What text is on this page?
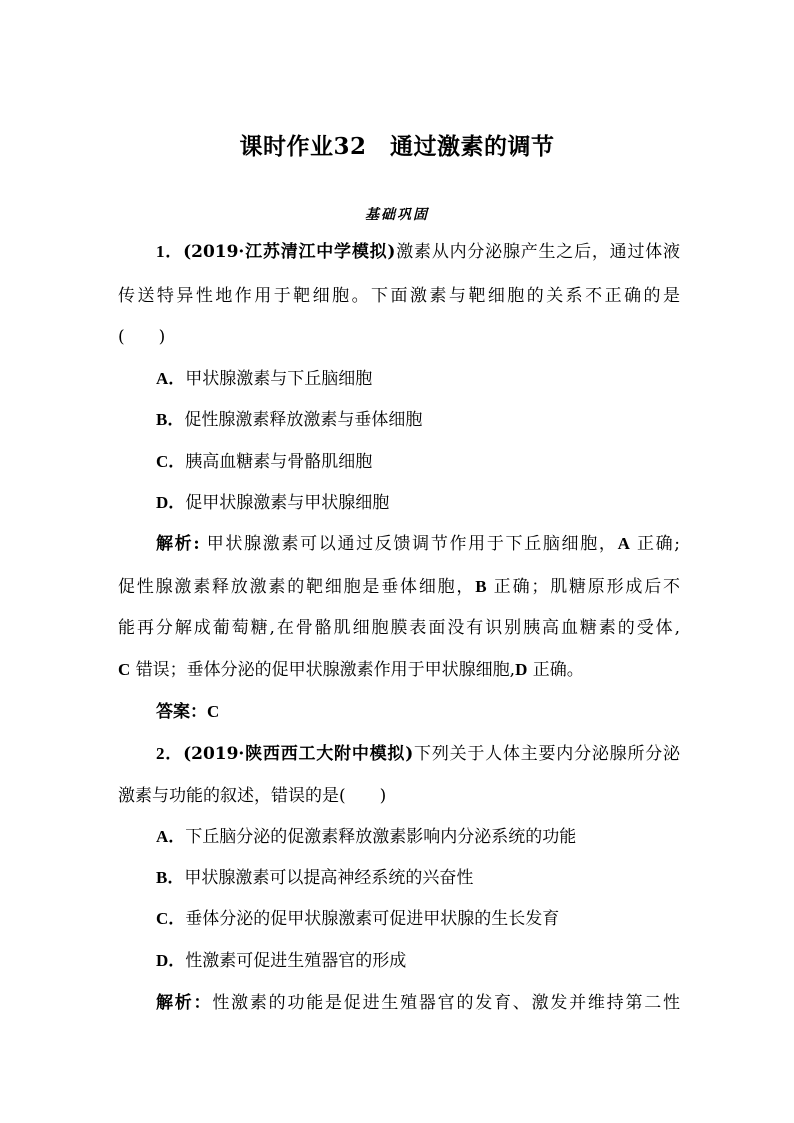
课时作业32　通过激素的调节
基础巩固
1．(2019·江苏清江中学模拟)激素从内分泌腺产生之后，通过体液
传送特异性地作用于靶细胞。下面激素与靶细胞的关系不正确的是
(　　)
A．甲状腺激素与下丘脑细胞
B．促性腺激素释放激素与垂体细胞
C．胰高血糖素与骨骼肌细胞
D．促甲状腺激素与甲状腺细胞
解析: 甲状腺激素可以通过反馈调节作用于下丘脑细胞，A 正确;
促性腺激素释放激素的靶细胞是垂体细胞，B 正确；肌糖原形成后不
能再分解成葡萄糖,在骨骼肌细胞膜表面没有识别胰高血糖素的受体,
C 错误；垂体分泌的促甲状腺激素作用于甲状腺细胞,D 正确。
答案：C
2．(2019·陕西西工大附中模拟)下列关于人体主要内分泌腺所分泌
激素与功能的叙述，错误的是(　　)
A．下丘脑分泌的促激素释放激素影响内分泌系统的功能
B．甲状腺激素可以提高神经系统的兴奋性
C．垂体分泌的促甲状腺激素可促进甲状腺的生长发育
D．性激素可促进生殖器官的形成
解析：性激素的功能是促进生殖器官的发育、激发并维持第二性
